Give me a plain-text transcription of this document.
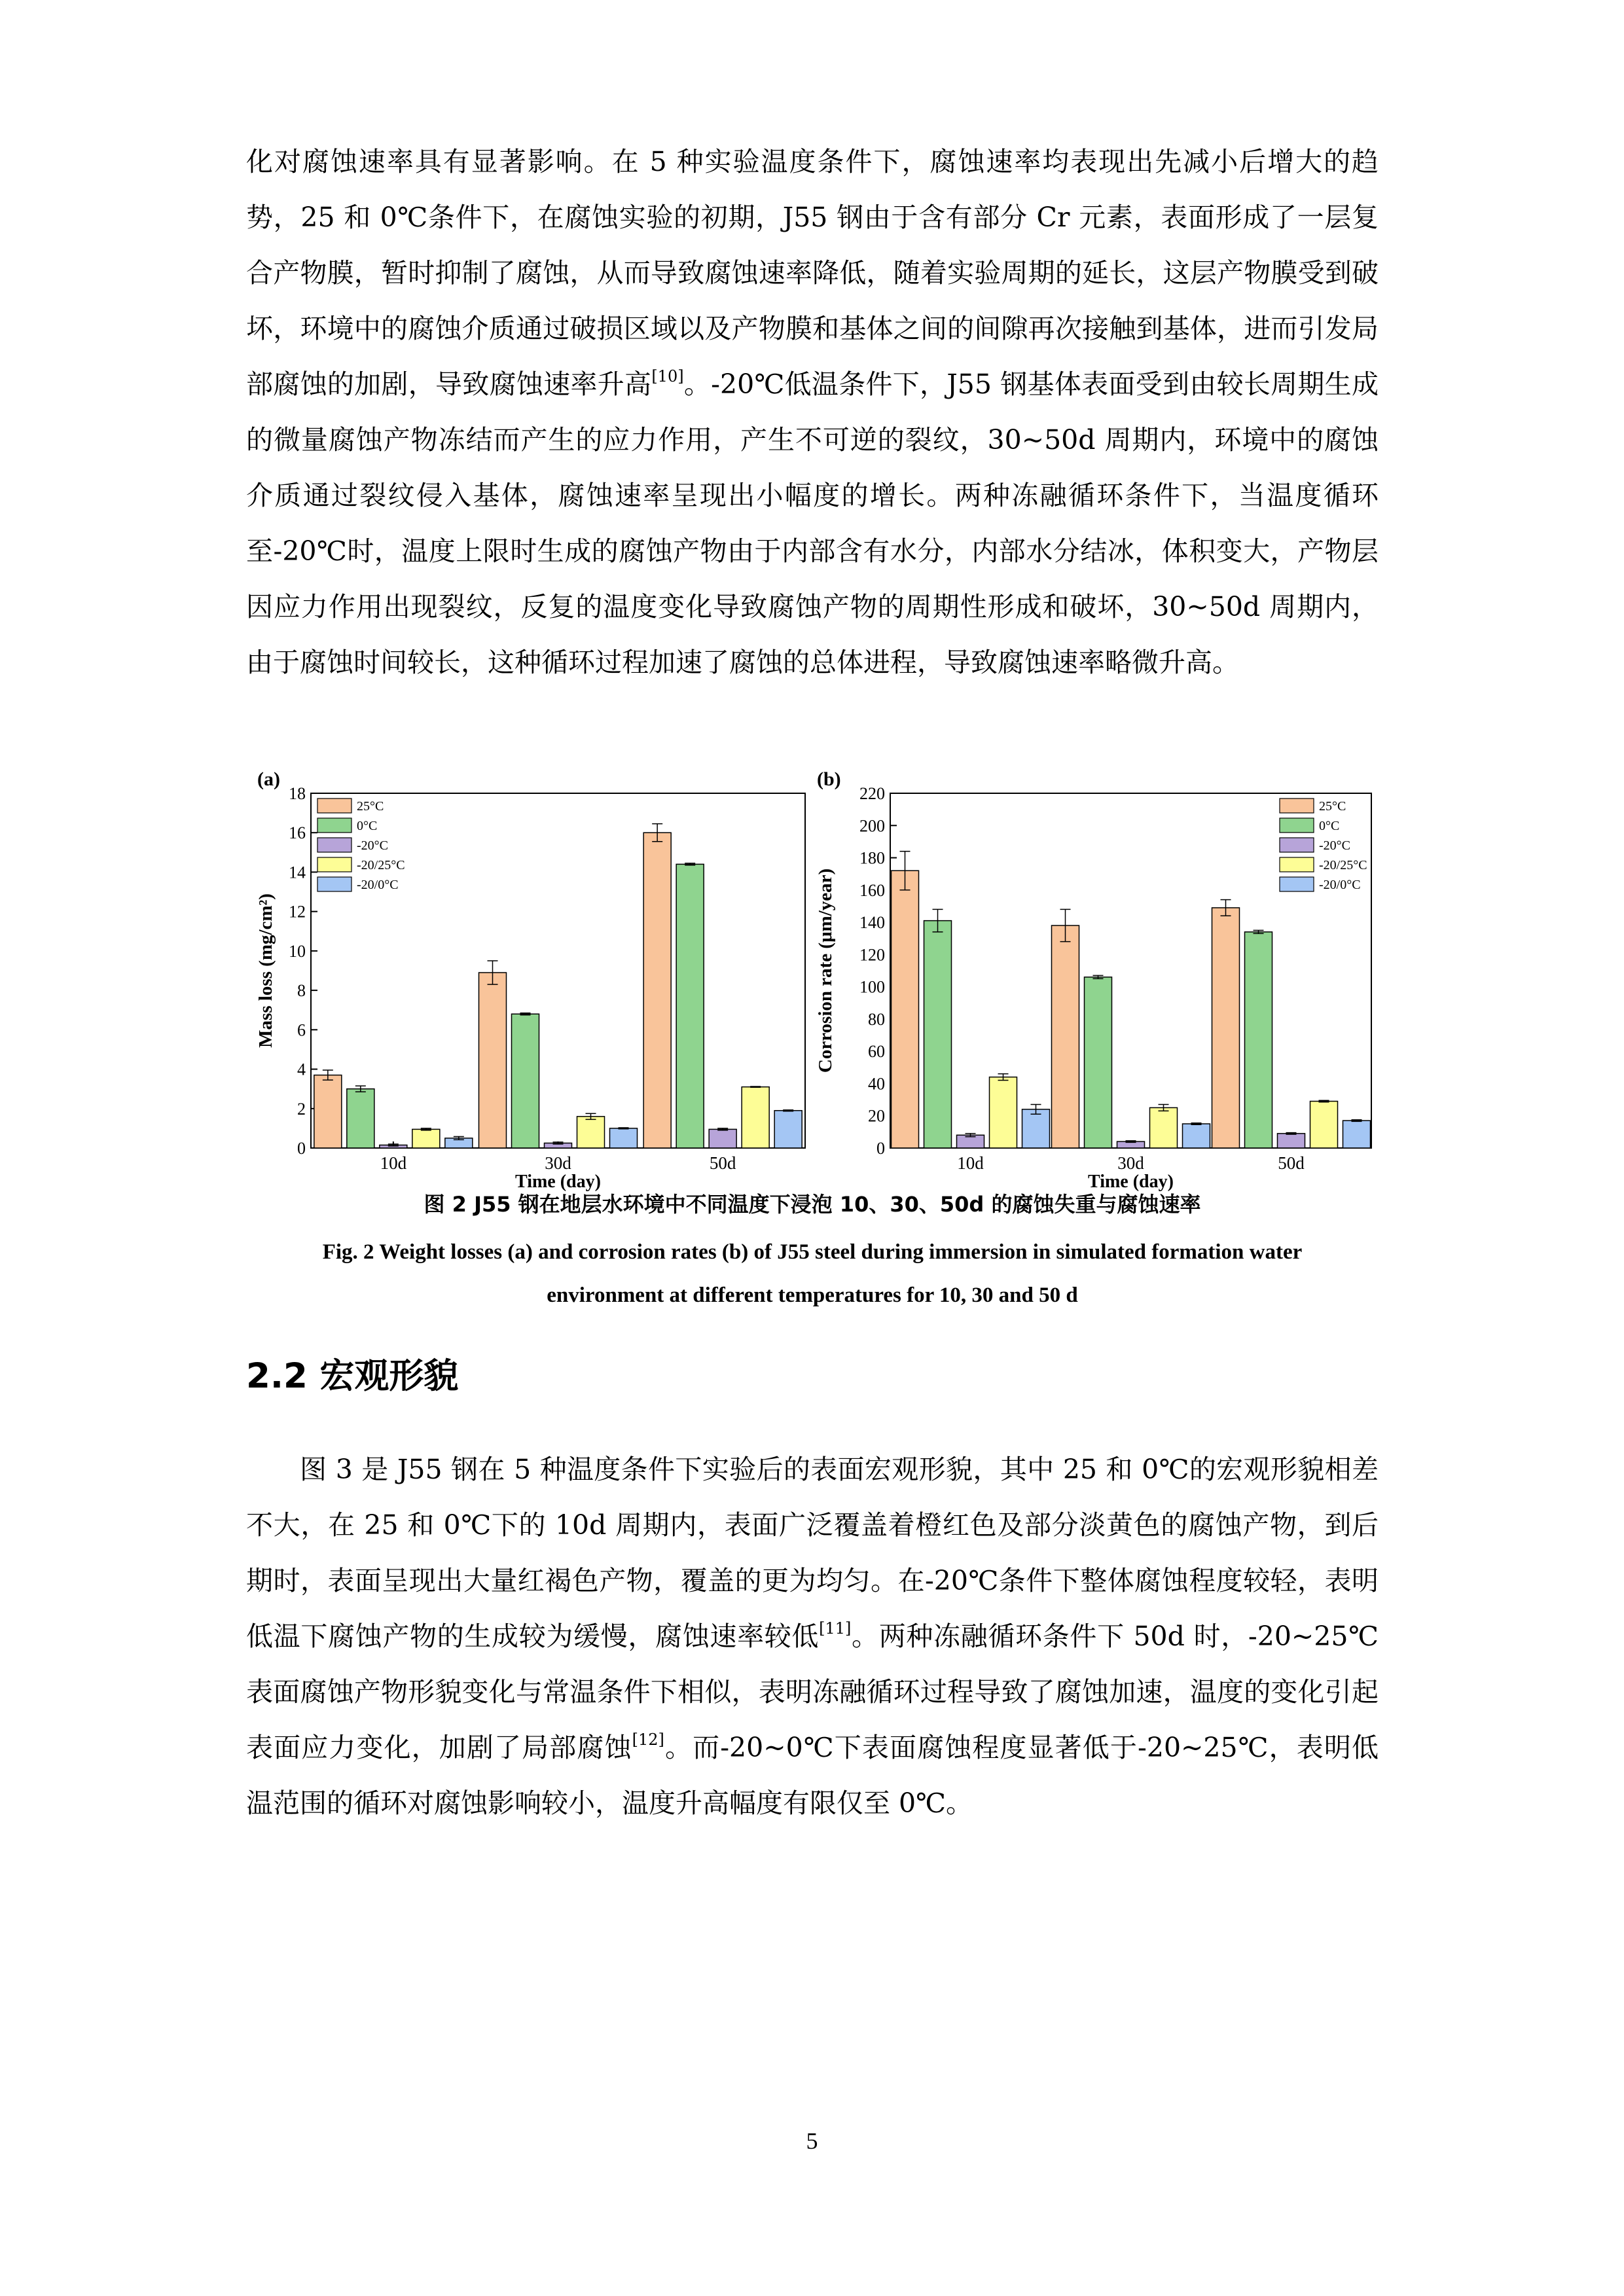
化对腐蚀速率具有显著影响。在 5 种实验温度条件下，腐蚀速率均表现出先减小后增大的趋势，25 和 0℃条件下，在腐蚀实验的初期，J55 钢由于含有部分 Cr 元素，表面形成了一层复合产物膜，暂时抑制了腐蚀，从而导致腐蚀速率降低，随着实验周期的延长，这层产物膜受到破坏，环境中的腐蚀介质通过破损区域以及产物膜和基体之间的间隙再次接触到基体，进而引发局部腐蚀的加剧，导致腐蚀速率升高[10]。-20℃低温条件下，J55 钢基体表面受到由较长周期生成的微量腐蚀产物冻结而产生的应力作用，产生不可逆的裂纹，30~50d 周期内，环境中的腐蚀介质通过裂纹侵入基体，腐蚀速率呈现出小幅度的增长。两种冻融循环条件下，当温度循环至-20℃时，温度上限时生成的腐蚀产物由于内部含有水分，内部水分结冰，体积变大，产物层因应力作用出现裂纹，反复的温度变化导致腐蚀产物的周期性形成和破坏，30~50d 周期内，由于腐蚀时间较长，这种循环过程加速了腐蚀的总体进程，导致腐蚀速率略微升高。

(a)
0
2
4
6
8
10
12
14
16
18
Mass loss (mg/cm²)
10d	30d	50d
Time (day)
25°C
0°C
-20°C
-20/25°C
-20/0°C
(b)
0
20
40
60
80
100
120
140
160
180
200
220
Corrosion rate (μm/year)
10d	30d	50d
Time (day)
25°C
0°C
-20°C
-20/25°C
-20/0°C
图 2 J55 钢在地层水环境中不同温度下浸泡 10、30、50d 的腐蚀失重与腐蚀速率
Fig. 2 Weight losses (a) and corrosion rates (b) of J55 steel during immersion in simulated formation water
environment at different temperatures for 10, 30 and 50 d
2.2 宏观形貌

图 3 是 J55 钢在 5 种温度条件下实验后的表面宏观形貌，其中 25 和 0℃的宏观形貌相差不大，在 25 和 0℃下的 10d 周期内，表面广泛覆盖着橙红色及部分淡黄色的腐蚀产物，到后期时，表面呈现出大量红褐色产物，覆盖的更为均匀。在-20℃条件下整体腐蚀程度较轻，表明低温下腐蚀产物的生成较为缓慢，腐蚀速率较低[11]。两种冻融循环条件下 50d 时，-20~25℃表面腐蚀产物形貌变化与常温条件下相似，表明冻融循环过程导致了腐蚀加速，温度的变化引起表面应力变化，加剧了局部腐蚀[12]。而-20~0℃下表面腐蚀程度显著低于-20~25℃，表明低温范围的循环对腐蚀影响较小，温度升高幅度有限仅至 0℃。

5
